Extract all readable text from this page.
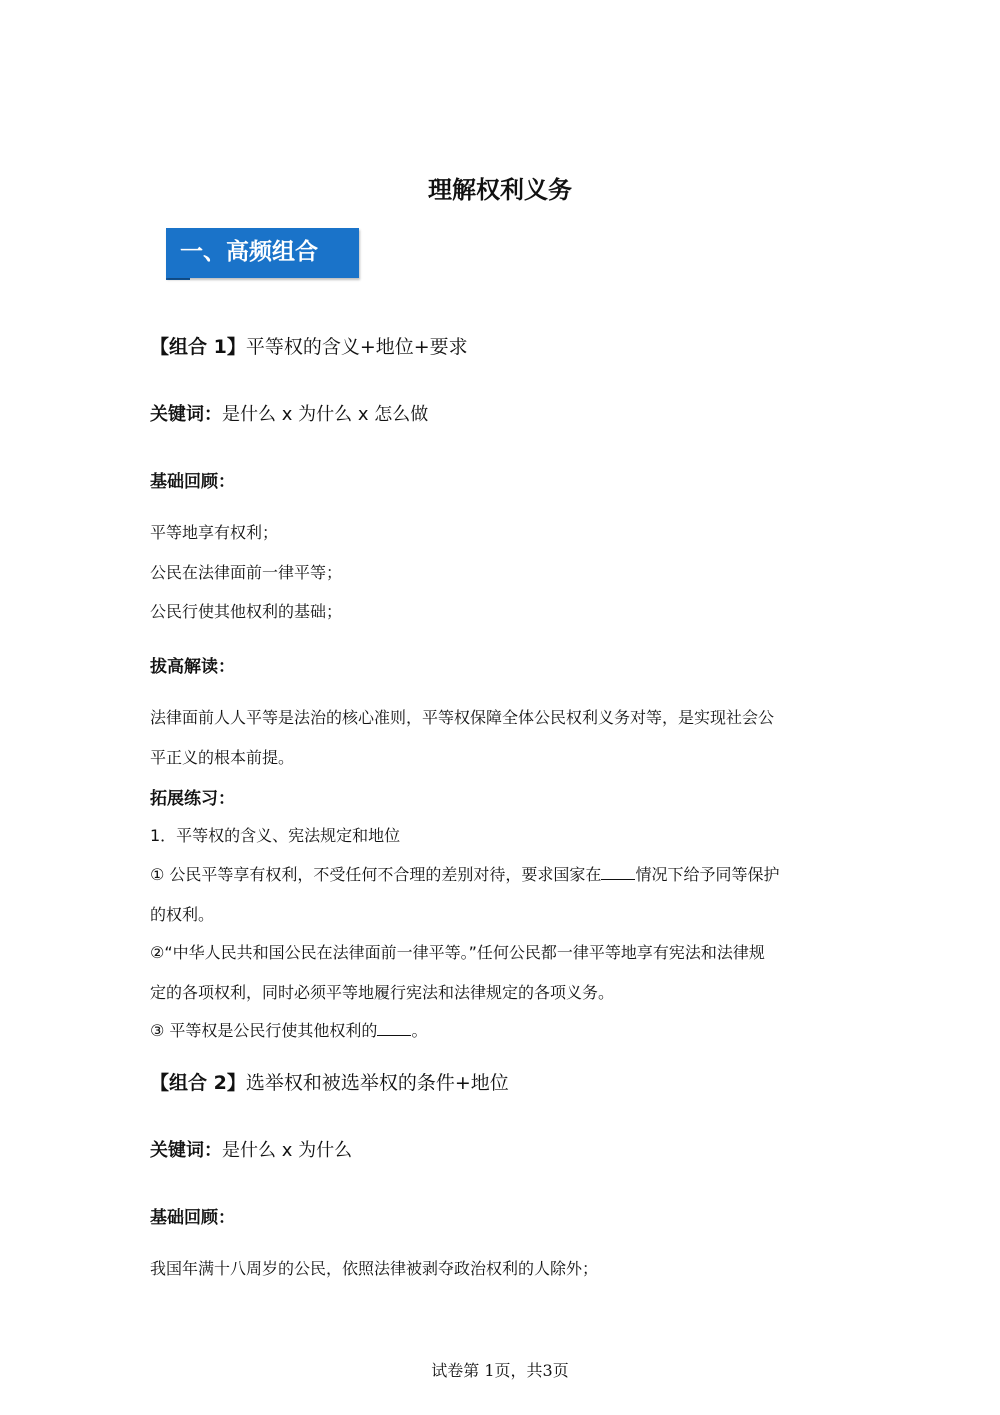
理解权利义务
一、高频组合
【组合 1】平等权的含义+地位+要求
关键词：是什么 x 为什么 x 怎么做
基础回顾：
平等地享有权利；
公民在法律面前一律平等；
公民行使其他权利的基础；
拔高解读：
法律面前人人平等是法治的核心准则，平等权保障全体公民权利义务对等，是实现社会公
平正义的根本前提。
拓展练习：
1．平等权的含义、宪法规定和地位
① 公民平等享有权利，不受任何不合理的差别对待，要求国家在 情况下给予同等保护
的权利。
②“中华人民共和国公民在法律面前一律平等。”任何公民都一律平等地享有宪法和法律规
定的各项权利，同时必须平等地履行宪法和法律规定的各项义务。
③ 平等权是公民行使其他权利的 。
【组合 2】选举权和被选举权的条件+地位
关键词：是什么 x 为什么
基础回顾：
我国年满十八周岁的公民，依照法律被剥夺政治权利的人除外；
试卷第 1页，共3页
